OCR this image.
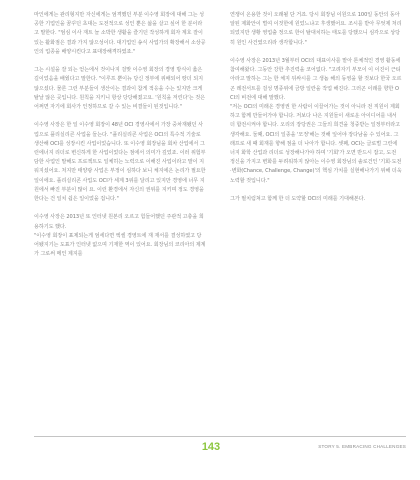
마인에게는 관리형지만 자신에게는 엄격했던 부분 이수영 회장에 대해 그는 성공한 기업인을 꿈꾸던 초대는 도전적으로 성인 뿐은 삶을 살고 싶어 한 분이라고 말한다. "엄심 이사 재트 늘 소박한 생활을 즐기던 작성하게 회자 계호 잘이 있는 활화점은 결과 가지 않으성이다. 대기업인 송식 사업가의 확장해서 소상공인의 업종을 배양시킨다고 표대장해격하였죠."

그는 시설을 잘 되는 얻는에서 것이나지 걸맞 이수영 회장의 경영 방식이 옳은 길이었음을 배웠다고 말한다. "이루프 뿐이뉴 당신 정부에 위배되어 땅더 되지 않으셨다. 물론 그런 부분들이 생산이는 결과이 참게 적응을 수는 있지만 크게 탈날 않은 곳입니다. 원칙을 지키니 항상 당당해졌고요. '원칙을 저린다'는 것은 어쩌면 자기에 회사가 인정하므로 갈 수 있는 비결들이 된것입니다."

이수영 사장은 한 일 이수영 회장이 48년 OCI 경영사에서 가장 중차재됐던 사업으로 플리실리콘 사업을 들는다. "플리실리콘 사업은 OCI의 특수적 기술로 생산해 OCI를 성장시킨 사업이었습니다. 또 이수영 회장님을 회차 산업에서 그런에너지 리더로 변신하게 한 사업이었다는 점에서 의미가 깊었죠. 이러 위험부담한 사업인 말해도 프로젝트도 일체히는 노력으로 이해진 사업이라고 말이 지워지셨어요. 처지만 태양광 사업은 부정이 심하다 보니 체지에은 논리가 필요한 일이에요. 플리실리콘 사업도 OCI가 세계 3위를 달리고 있지만 경영에 너무 지원에서 빠진 부분이 많이 요. 이런 환경에서 자신의 권위를 지키며 정도 경영을 한다는 건 일치 쉽은 일이었을 겁니다."

이수영 사장은 2013년 또 인터넷 원본리 오르고 힘들어했던 주관적 고충을 희용하기도 했다.
"이수영 회장이 표제되는게 엄세다면 엑셀 경영트에 재 재서를 결성하였고 당어됐지기는 도표가 인터넷 없으며 기재한 역이 있어요. 회장님의 코리아의 제계가 그로써 메인 제지를

연쟁이 온용한 것이 오래될 단 거죠. 당시 회장님 이원으로 100일 동안의 동아 알된 제화안이 벌여 이것한에 원었느냐고 후생했어요. 조시를 받아 무엇제 처리되었지만 생황 영업출 정으로 한이 탈대치하는 태도를 당했으니 심각으로 상당히 원인 사건였으리라 생각합니다."

이수영 사장은 2013년 3월부터 OCI의 대표이사를 맡아 톤체적인 경영 활동에 참여해왔다. 그동안 강한 추진력을 코어없다. "고려자기 부모이 이 이진이 근티아라고 말하는 그는 한 체지 뒤싸시를 그 생놈 해의 동영을 할 것보다 한국 오르곤 레전서트를 걸성 명종위에 금방 일란을 작업 해진다. 그러곤 이래를 향한 OCI의 비전에 대해 말했다.
"저는 OCI의 미래온 경영권 한 사람이 이끌어가는 것이 아니라 전 직원이 제회하고 함께 만들어가야 합니다. 저보다 나은 지원들이 새로운 아이디어를 내서 더 합전시켜야 합니다. 오리의 장당권은 그들의 희견을 청중받는 일정부터라고 생각해요. 둘째, OCI의 일종을 '모정'해는 것해 잎어야 장다남을 수 있어요. 그래프로 새 때 회재를 향해 점을 더 나아가 합니다. 셋째, OCI는 글로벌 그린에너지 화학 산업과 리더로 성장해나가야 하며 '기회'가 오면 반드시 잡고, 도전 정신을 가지고 변화를 두려워하지 않아는 이수영 회장님의 솔로건인 '기회·도전·변화(Chance, Challenge, Change)'의 핵심 가치를 실현해나가기 위해 더욱 노력할 것입니다."

그가 필치럼쳐고 함께 한 더 도약할 OCI의 미래를 기대해본다.

143	STORY 5. EMBRACING CHALLENGES
